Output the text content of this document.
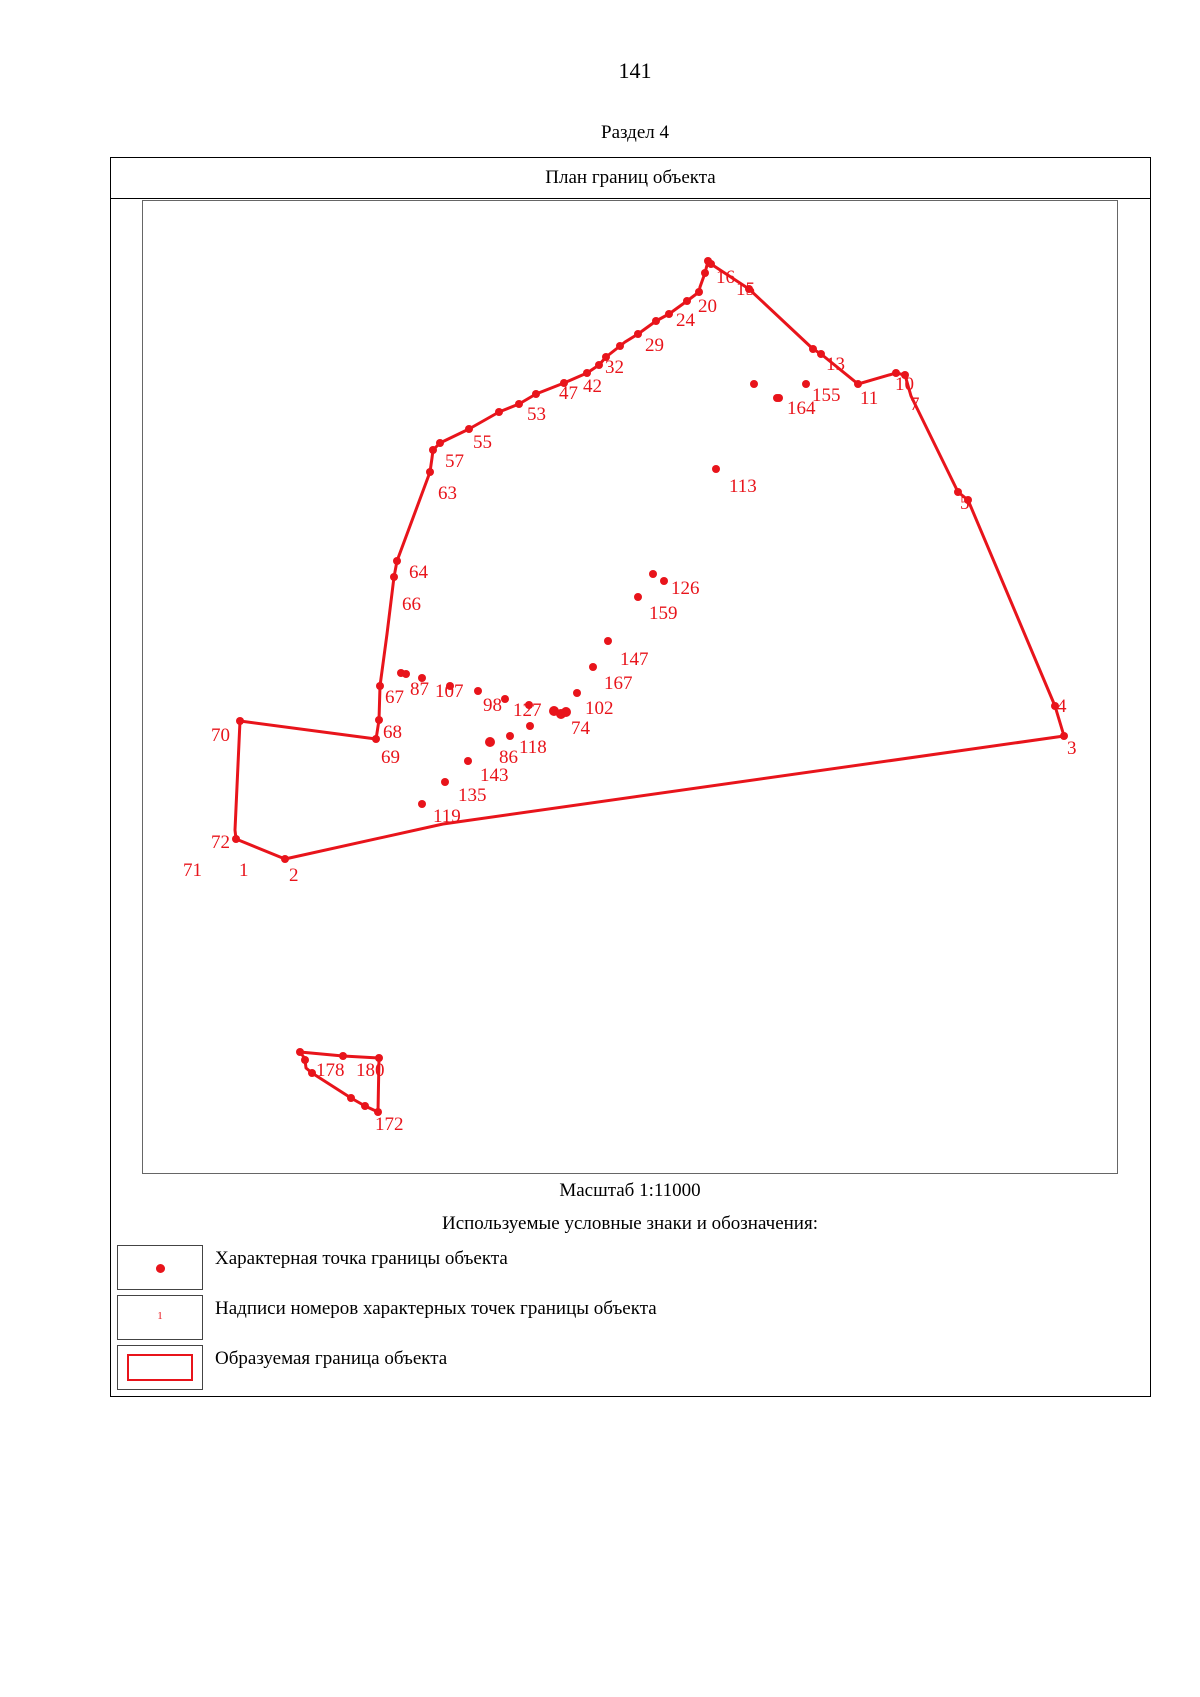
141
Раздел 4
План границ объекта
16
15
20
24
29
32
42
47
53
55
57
63
64
66
13
10
11 7
155
164
113
5
126
159
147
167
102
74
127
98
107
87
67
68
69
70
118
86
143
135
119
4
3
2
1
72
71
178 180
172
Масштаб 1:11000
Используемые условные знаки и обозначения:
Характерная точка границы объекта
1	Надписи номеров характерных точек границы объекта
Образуемая граница объекта
